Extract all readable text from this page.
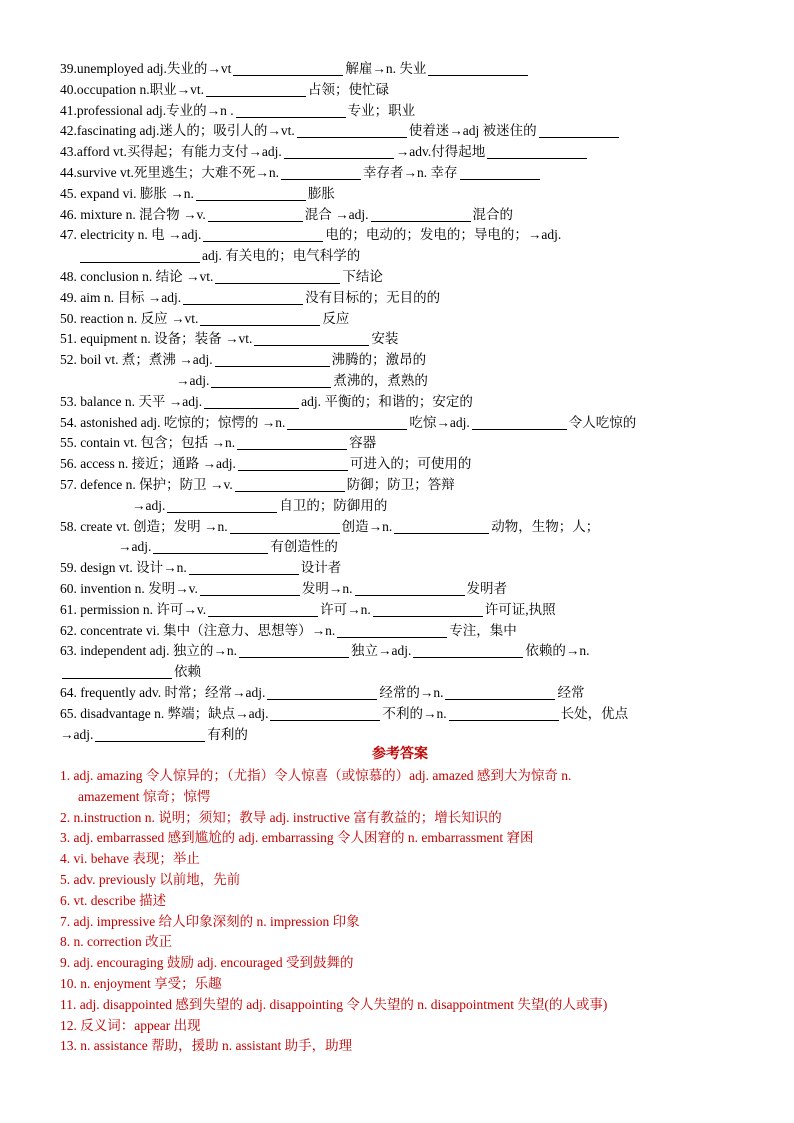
39.unemployed adj.失业的→vt	解雇→n. 失业
40.occupation n.职业→vt.	占领；使忙碌
41.professional adj.专业的→n .	专业；职业
42.fascinating adj.迷人的；吸引人的→vt.	使着迷→adj 被迷住的
43.afford vt.买得起；有能力支付→adj.	→adv.付得起地
44.survive vt.死里逃生；大难不死→n.	幸存者→n. 幸存
45. expand vi. 膨胀 →n.	膨胀
46. mixture n. 混合物 →v.	混合 →adj.	混合的
47. electricity n. 电 →adj.	电的；电动的；发电的；导电的；→adj.
adj. 有关电的；电气科学的
48. conclusion n. 结论 →vt.	下结论
49. aim n. 目标 →adj.	没有目标的；无目的的
50. reaction n. 反应 →vt.	反应
51. equipment n. 设备；装备 →vt.	安装
52. boil vt. 煮；煮沸 →adj.	沸腾的；激昂的
→adj.	煮沸的，煮熟的
53. balance n. 天平 →adj.	adj. 平衡的；和谐的；安定的
54. astonished adj. 吃惊的；惊愕的 →n.	吃惊→adj.	令人吃惊的
55. contain vt. 包含；包括 →n.	容器
56. access n. 接近；通路 →adj.	可进入的；可使用的
57. defence n. 保护；防卫 →v.	防御；防卫；答辩
→adj.	自卫的；防御用的
58. create vt. 创造；发明 →n.	创造→n.	动物，生物；人；
→adj.	有创造性的
59. design vt. 设计→n.	设计者
60. invention n. 发明→v.	发明→n.	发明者
61. permission n. 许可→v.	许可→n.	许可证,执照
62. concentrate vi. 集中（注意力、思想等）→n.	专注，集中
63. independent adj. 独立的→n.	独立→adj.	依赖的→n.
依赖
64. frequently adv. 时常；经常→adj.	经常的→n.	经常
65. disadvantage n. 弊端；缺点→adj.	不利的→n.	长处，优点
→adj.	有利的
参考答案
1. adj. amazing 令人惊异的；（尤指）令人惊喜（或惊慕的）adj. amazed 感到大为惊奇 n.
amazement 惊奇；惊愕
2. n.instruction n. 说明；须知；教导 adj. instructive 富有教益的；增长知识的
3. adj. embarrassed 感到尴尬的 adj. embarrassing 令人困窘的 n. embarrassment 窘困
4. vi. behave 表现；举止
5. adv. previously 以前地，先前
6. vt. describe 描述
7. adj. impressive 给人印象深刻的 n. impression 印象
8. n. correction 改正
9. adj. encouraging 鼓励 adj. encouraged 受到鼓舞的
10. n. enjoyment 享受；乐趣
11. adj. disappointed 感到失望的 adj. disappointing 令人失望的 n. disappointment 失望(的人或事)
12. 反义词：appear 出现
13. n. assistance 帮助，援助 n. assistant 助手，助理
